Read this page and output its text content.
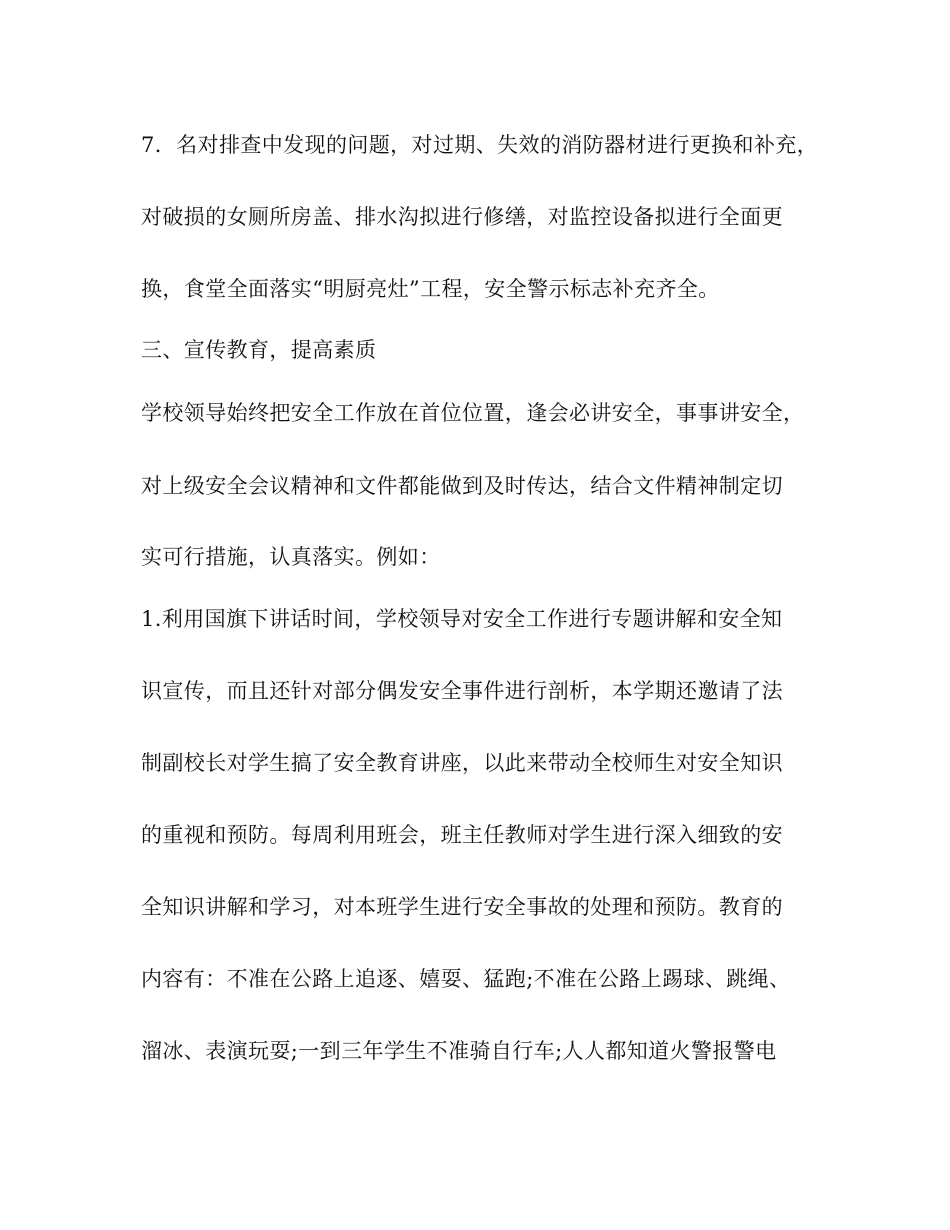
7．名对排查中发现的问题，对过期、失效的消防器材进行更换和补充，
对破损的女厕所房盖、排水沟拟进行修缮，对监控设备拟进行全面更
换，食堂全面落实“明厨亮灶”工程，安全警示标志补充齐全。
三、宣传教育，提高素质
学校领导始终把安全工作放在首位位置，逢会必讲安全，事事讲安全，
对上级安全会议精神和文件都能做到及时传达，结合文件精神制定切
实可行措施，认真落实。例如：
1.利用国旗下讲话时间，学校领导对安全工作进行专题讲解和安全知
识宣传，而且还针对部分偶发安全事件进行剖析，本学期还邀请了法
制副校长对学生搞了安全教育讲座，以此来带动全校师生对安全知识
的重视和预防。每周利用班会，班主任教师对学生进行深入细致的安
全知识讲解和学习，对本班学生进行安全事故的处理和预防。教育的
内容有：不准在公路上追逐、嬉耍、猛跑;不准在公路上踢球、跳绳、
溜冰、表演玩耍;一到三年学生不准骑自行车;人人都知道火警报警电
